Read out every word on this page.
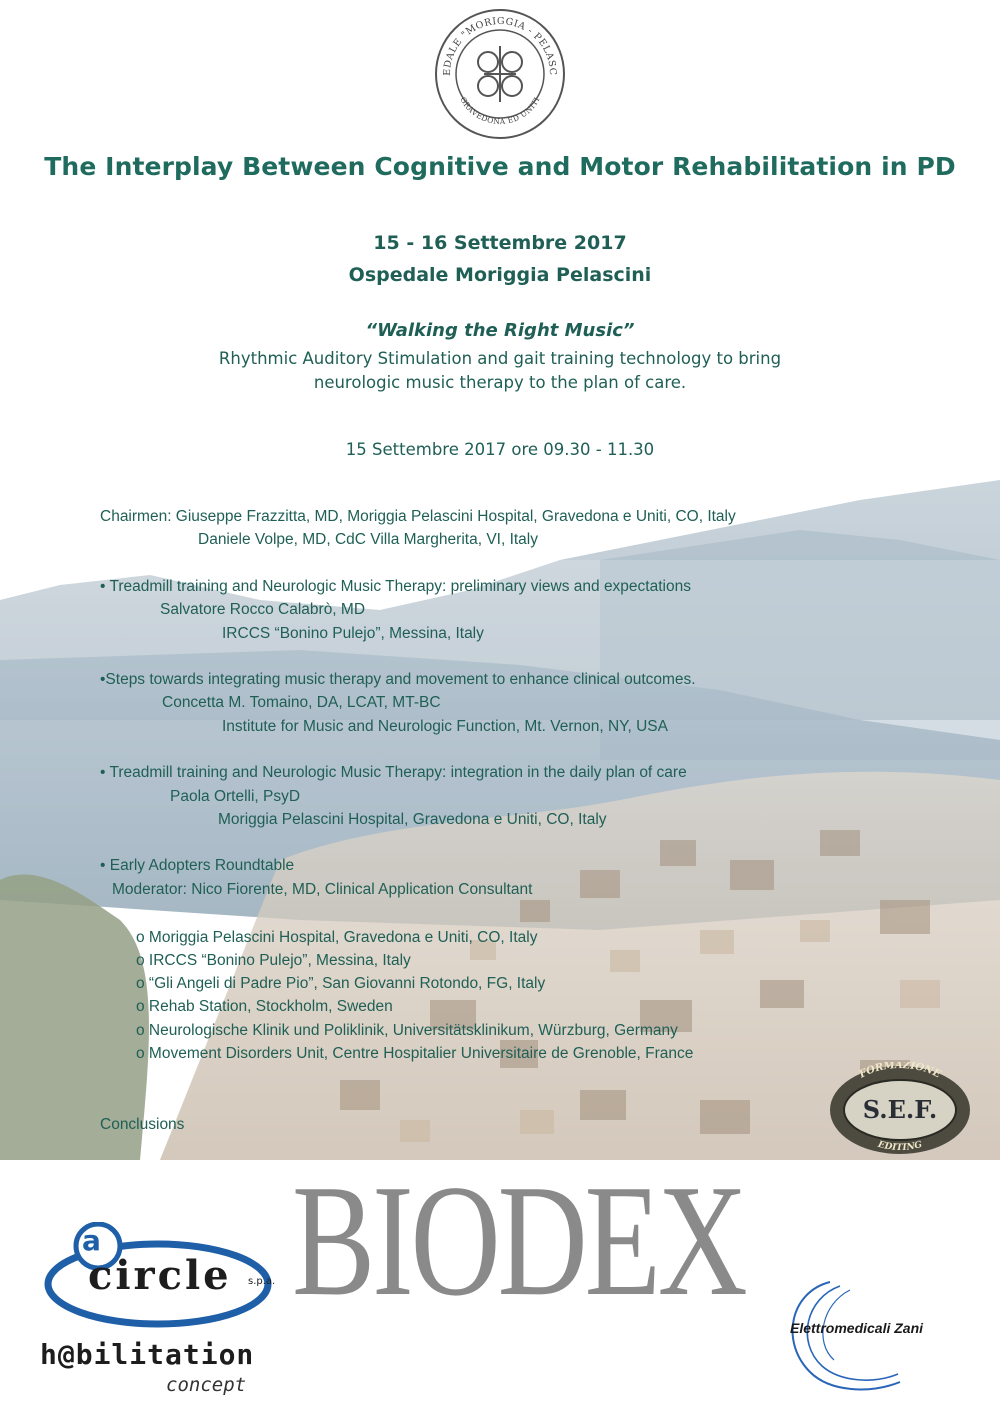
EDALE "MORIGGIA - PELASC
GRAVEDONA ED UNITI
The Interplay Between Cognitive and Motor Rehabilitation in PD
15 - 16 Settembre 2017
Ospedale Moriggia Pelascini
“Walking the Right Music”
Rhythmic Auditory Stimulation and gait training technology to bring
neurologic music therapy to the plan of care.
15 Settembre 2017 ore 09.30 - 11.30
Chairmen: Giuseppe Frazzitta, MD, Moriggia Pelascini Hospital, Gravedona e Uniti, CO, Italy
Daniele Volpe, MD, CdC Villa Margherita, VI, Italy
• Treadmill training and Neurologic Music Therapy: preliminary views and expectations
Salvatore Rocco Calabrò, MD
IRCCS “Bonino Pulejo”, Messina, Italy
•Steps towards integrating music therapy and movement to enhance clinical outcomes.
Concetta M. Tomaino, DA, LCAT, MT-BC
Institute for Music and Neurologic Function, Mt. Vernon, NY, USA
• Treadmill training and Neurologic Music Therapy: integration in the daily plan of care
Paola Ortelli, PsyD
Moriggia Pelascini Hospital, Gravedona e Uniti, CO, Italy
• Early Adopters Roundtable
Moderator: Nico Fiorente, MD, Clinical Application Consultant
o Moriggia Pelascini Hospital, Gravedona e Uniti, CO, Italy
o IRCCS “Bonino Pulejo”, Messina, Italy
o “Gli Angeli di Padre Pio”, San Giovanni Rotondo, FG, Italy
o Rehab Station, Stockholm, Sweden
o Neurologische Klinik und Poliklinik, Universitätsklinikum, Würzburg, Germany
o Movement Disorders Unit, Centre Hospitalier Universitaire de Grenoble, France
Conclusions
FORMAZIONE
S.E.F.
EDITING
BIODEX
a
circle s.p.a.
h@bilitation
concept
Elettromedicali Zani
